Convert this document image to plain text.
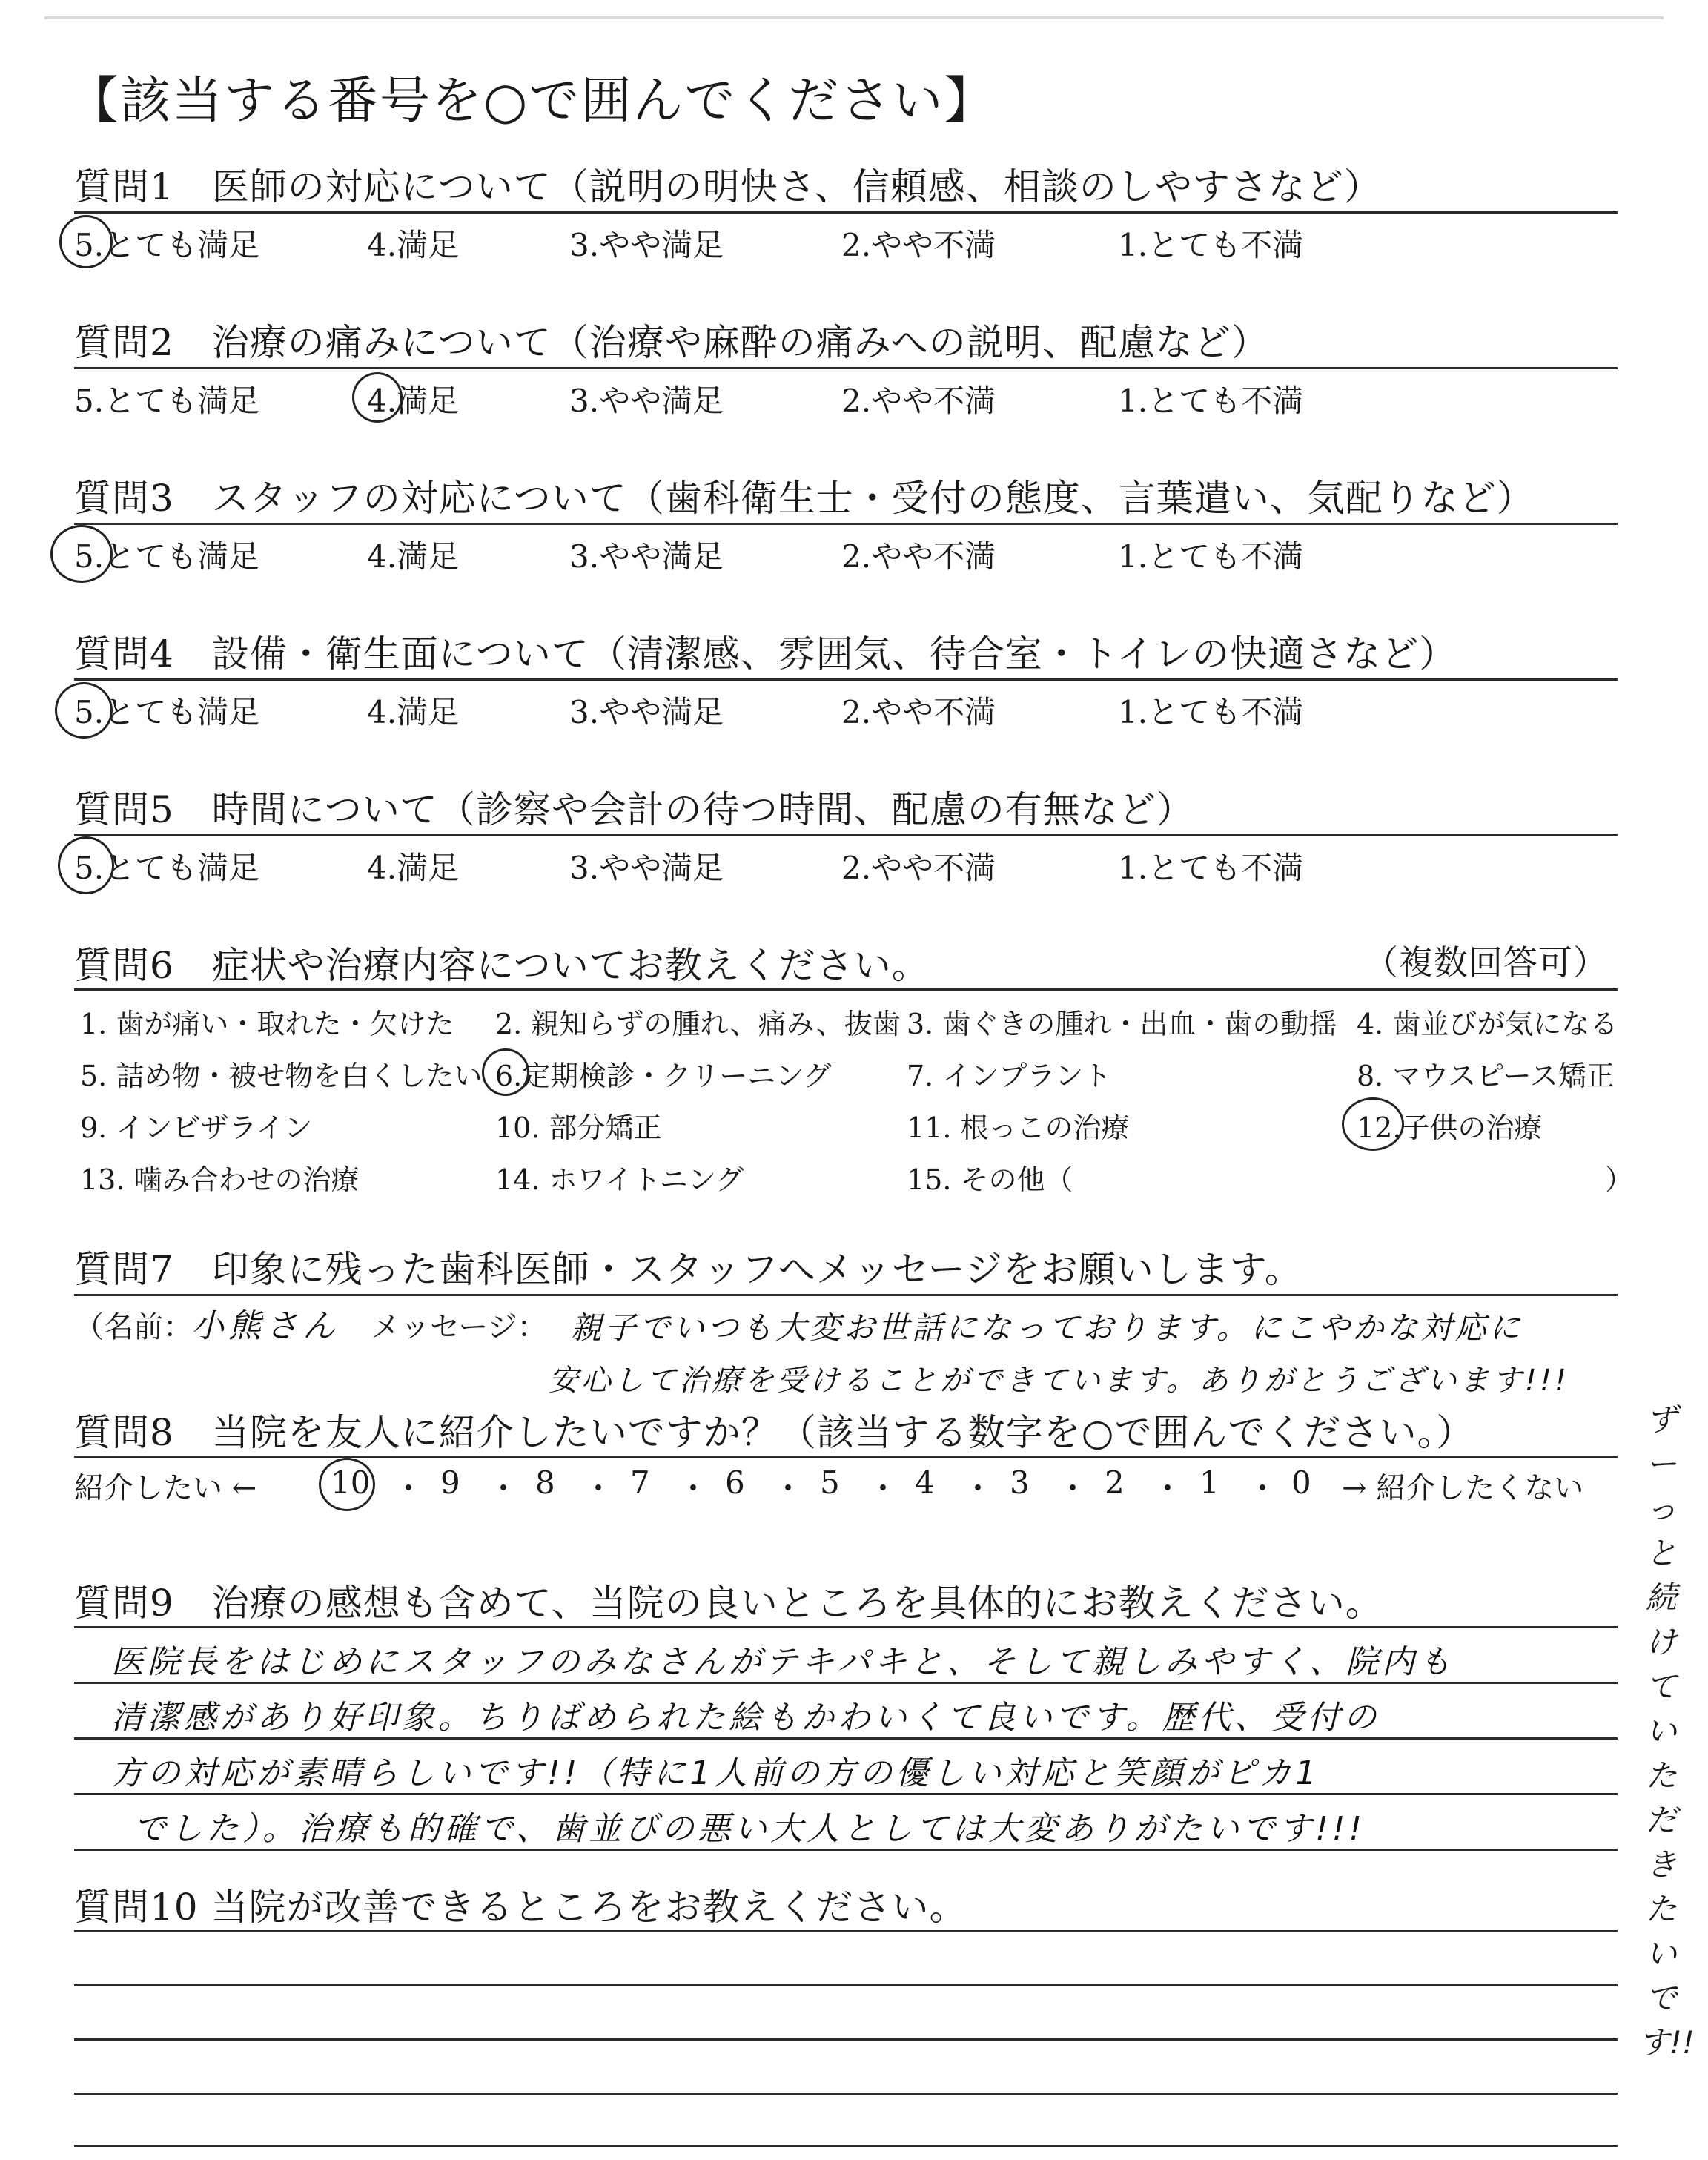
【該当する番号を○で囲んでください】
質問1　医師の対応について（説明の明快さ、信頼感、相談のしやすさなど）
5.とても満足	4.満足	3.やや満足	2.やや不満	1.とても不満
質問2　治療の痛みについて（治療や麻酔の痛みへの説明、配慮など）
5.とても満足	4.満足	3.やや満足	2.やや不満	1.とても不満
質問3　スタッフの対応について（歯科衛生士・受付の態度、言葉遣い、気配りなど）
5.とても満足	4.満足	3.やや満足	2.やや不満	1.とても不満
質問4　設備・衛生面について（清潔感、雰囲気、待合室・トイレの快適さなど）
5.とても満足	4.満足	3.やや満足	2.やや不満	1.とても不満
質問5　時間について（診察や会計の待つ時間、配慮の有無など）
5.とても満足	4.満足	3.やや満足	2.やや不満	1.とても不満
質問6　症状や治療内容についてお教えください。	（複数回答可）
1. 歯が痛い・取れた・欠けた 2. 親知らずの腫れ、痛み、抜歯 3. 歯ぐきの腫れ・出血・歯の動揺 4. 歯並びが気になる
5. 詰め物・被せ物を白くしたい 6.定期検診・クリーニング	7. インプラント	8. マウスピース矯正
9. インビザライン	10. 部分矯正	11. 根っこの治療	12.子供の治療
13. 噛み合わせの治療	14. ホワイトニング	15. その他（	）
質問7　印象に残った歯科医師・スタッフへメッセージをお願いします。
（名前：
小熊さん メッセージ： 親子でいつも大変お世話になっております。にこやかな対応に
安心して治療を受けることができています。ありがとうございます!!!
質問8　当院を友人に紹介したいですか？（該当する数字を○で囲んでください。）
紹介したい ← 10 ・ 9 ・ 8 ・ 7 ・ 6 ・ 5 ・ 4 ・ 3 ・ 2 ・ 1 ・ 0 → 紹介したくない
ずーっと続けていただきたいです!!
質問9　治療の感想も含めて、当院の良いところを具体的にお教えください。
医院長をはじめにスタッフのみなさんがテキパキと、そして親しみやすく、院内も
清潔感があり好印象。ちりばめられた絵もかわいくて良いです。歴代、受付の
方の対応が素晴らしいです!!（特に1人前の方の優しい対応と笑顔がピカ1
でした）。治療も的確で、歯並びの悪い大人としては大変ありがたいです!!!
質問10 当院が改善できるところをお教えください。
